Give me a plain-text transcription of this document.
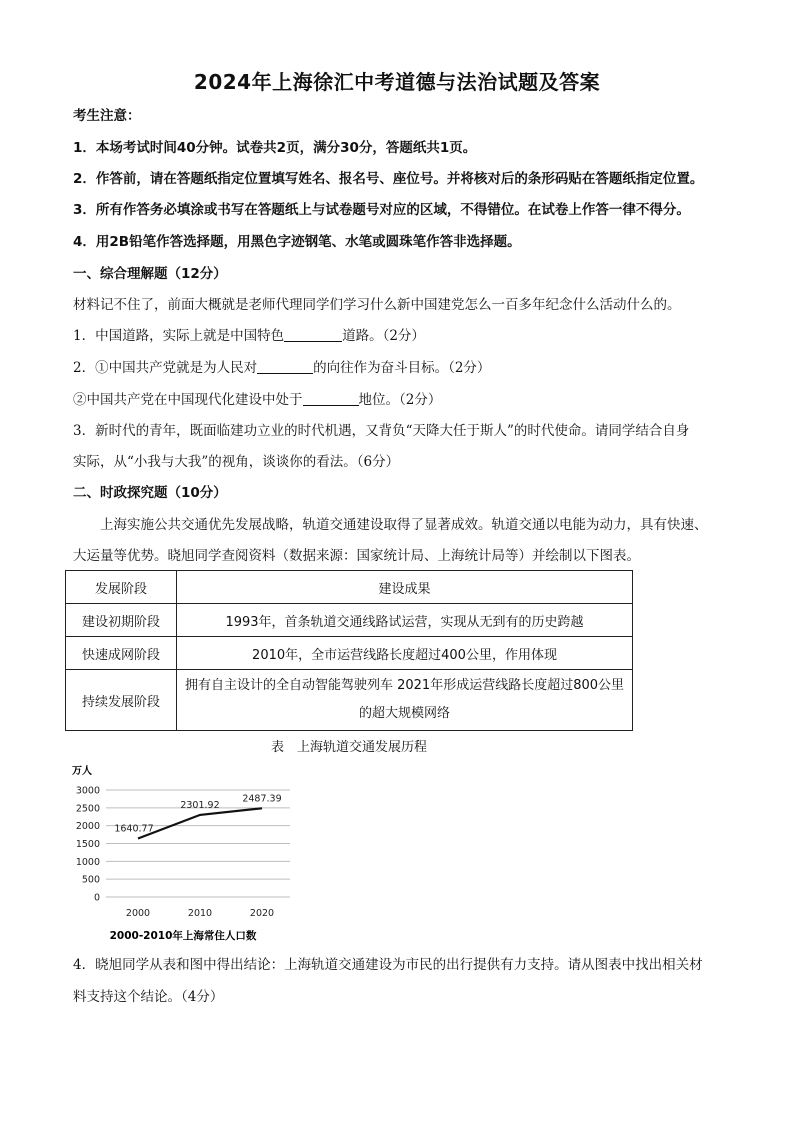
2024年上海徐汇中考道德与法治试题及答案
考生注意：
1．本场考试时间40分钟。试卷共2页，满分30分，答题纸共1页。
2．作答前，请在答题纸指定位置填写姓名、报名号、座位号。并将核对后的条形码贴在答题纸指定位置。
3．所有作答务必填涂或书写在答题纸上与试卷题号对应的区域，不得错位。在试卷上作答一律不得分。
4．用2B铅笔作答选择题，用黑色字迹钢笔、水笔或圆珠笔作答非选择题。
一、综合理解题（12分）
材料记不住了，前面大概就是老师代理同学们学习什么新中国建党怎么一百多年纪念什么活动什么的。
1．中国道路，实际上就是中国特色	道路。（2分）
2．①中国共产党就是为人民对	的向往作为奋斗目标。（2分）
②中国共产党在中国现代化建设中处于	地位。（2分）
3．新时代的青年，既面临建功立业的时代机遇，又背负“天降大任于斯人”的时代使命。请同学结合自身
实际，从“小我与大我”的视角，谈谈你的看法。（6分）
二、时政探究题（10分）
上海实施公共交通优先发展战略，轨道交通建设取得了显著成效。轨道交通以电能为动力，具有快速、
大运量等优势。晓旭同学查阅资料（数据来源：国家统计局、上海统计局等）并绘制以下图表。
发展阶段	建设成果
建设初期阶段	1993年，首条轨道交通线路试运营，实现从无到有的历史跨越
快速成网阶段	2010年，全市运营线路长度超过400公里，作用体现
持续发展阶段	拥有自主设计的全自动智能驾驶列车 2021年形成运营线路长度超过800公里的超大规模网络
表　上海轨道交通发展历程
万人
0
500
1000
1500
2000
2500
3000
2000	2010	2020
1640.77
2301.92
2487.39
2000-2010年上海常住人口数
4．晓旭同学从表和图中得出结论：上海轨道交通建设为市民的出行提供有力支持。请从图表中找出相关材
料支持这个结论。（4分）
